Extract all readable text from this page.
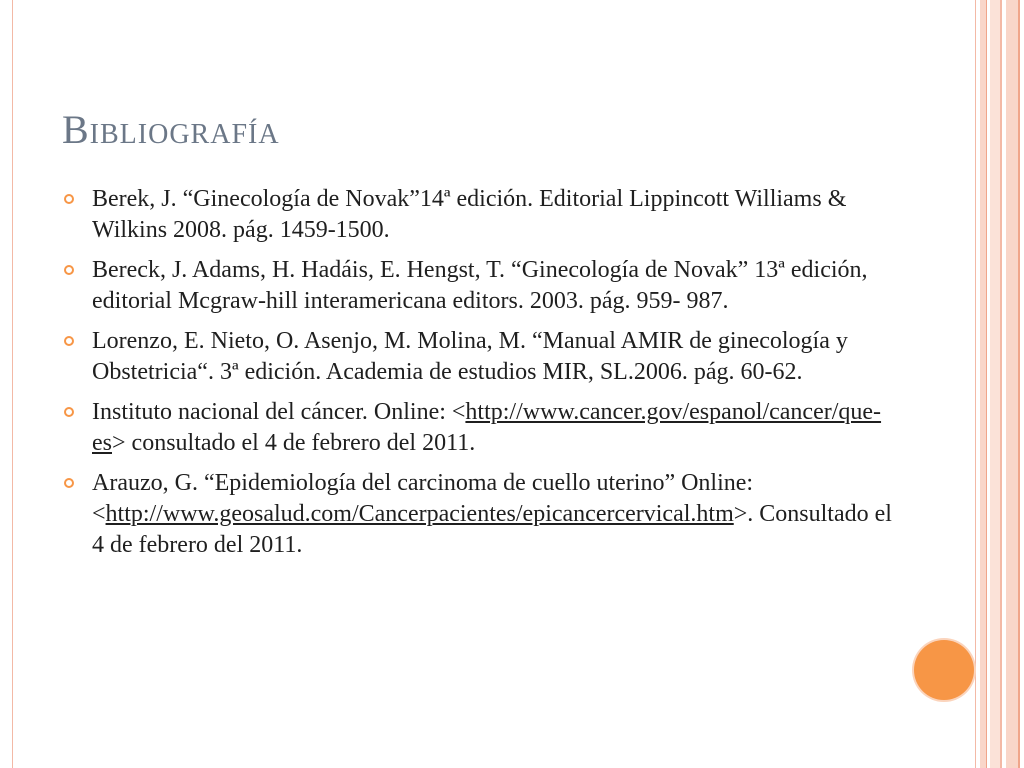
Bibliografía
Berek, J. “Ginecología de Novak”14ª edición. Editorial Lippincott Williams & Wilkins 2008. pág. 1459-1500.
Bereck, J. Adams, H. Hadáis, E. Hengst, T. “Ginecología de Novak” 13ª edición, editorial Mcgraw-hill interamericana editors. 2003. pág. 959- 987.
Lorenzo, E. Nieto, O. Asenjo, M. Molina, M. “Manual AMIR de ginecología y Obstetricia“. 3ª edición. Academia de estudios MIR, SL.2006. pág. 60-62.
Instituto nacional del cáncer. Online: <http://www.cancer.gov/espanol/cancer/que-es> consultado el 4 de febrero del 2011.
Arauzo, G. “Epidemiología del carcinoma de cuello uterino” Online: <http://www.geosalud.com/Cancerpacientes/epicancercervical.htm>. Consultado el 4 de febrero del 2011.
